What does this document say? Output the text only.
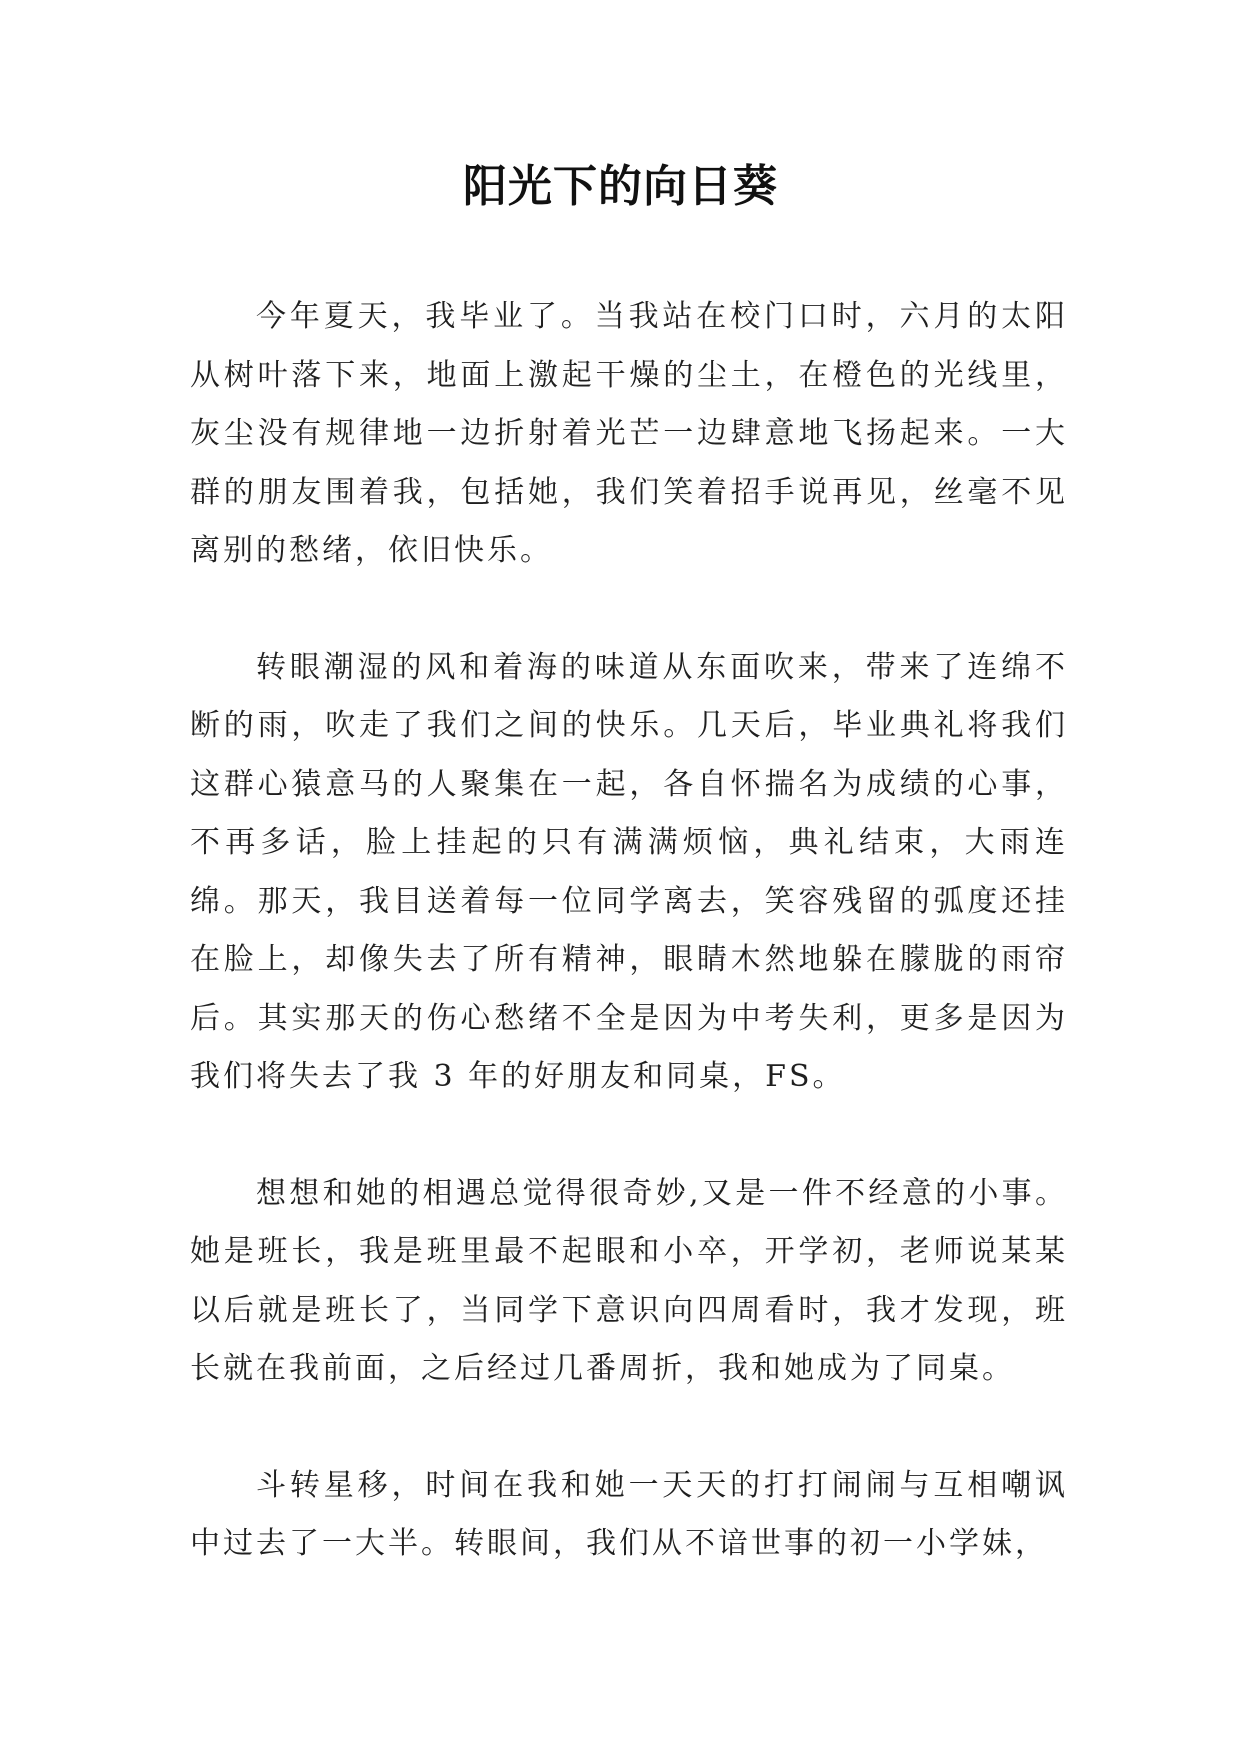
阳光下的向日葵

今年夏天，我毕业了。当我站在校门口时，六月的太阳从树叶落下来，地面上激起干燥的尘土，在橙色的光线里，灰尘没有规律地一边折射着光芒一边肆意地飞扬起来。一大群的朋友围着我，包括她，我们笑着招手说再见，丝毫不见离别的愁绪，依旧快乐。

转眼潮湿的风和着海的味道从东面吹来，带来了连绵不断的雨，吹走了我们之间的快乐。几天后，毕业典礼将我们这群心猿意马的人聚集在一起，各自怀揣名为成绩的心事，不再多话，脸上挂起的只有满满烦恼，典礼结束，大雨连绵。那天，我目送着每一位同学离去，笑容残留的弧度还挂在脸上，却像失去了所有精神，眼睛木然地躲在朦胧的雨帘后。其实那天的伤心愁绪不全是因为中考失利，更多是因为我们将失去了我 3 年的好朋友和同桌，FS。

想想和她的相遇总觉得很奇妙,又是一件不经意的小事。她是班长，我是班里最不起眼和小卒，开学初，老师说某某以后就是班长了，当同学下意识向四周看时，我才发现，班长就在我前面，之后经过几番周折，我和她成为了同桌。

斗转星移，时间在我和她一天天的打打闹闹与互相嘲讽中过去了一大半。转眼间，我们从不谙世事的初一小学妹，
